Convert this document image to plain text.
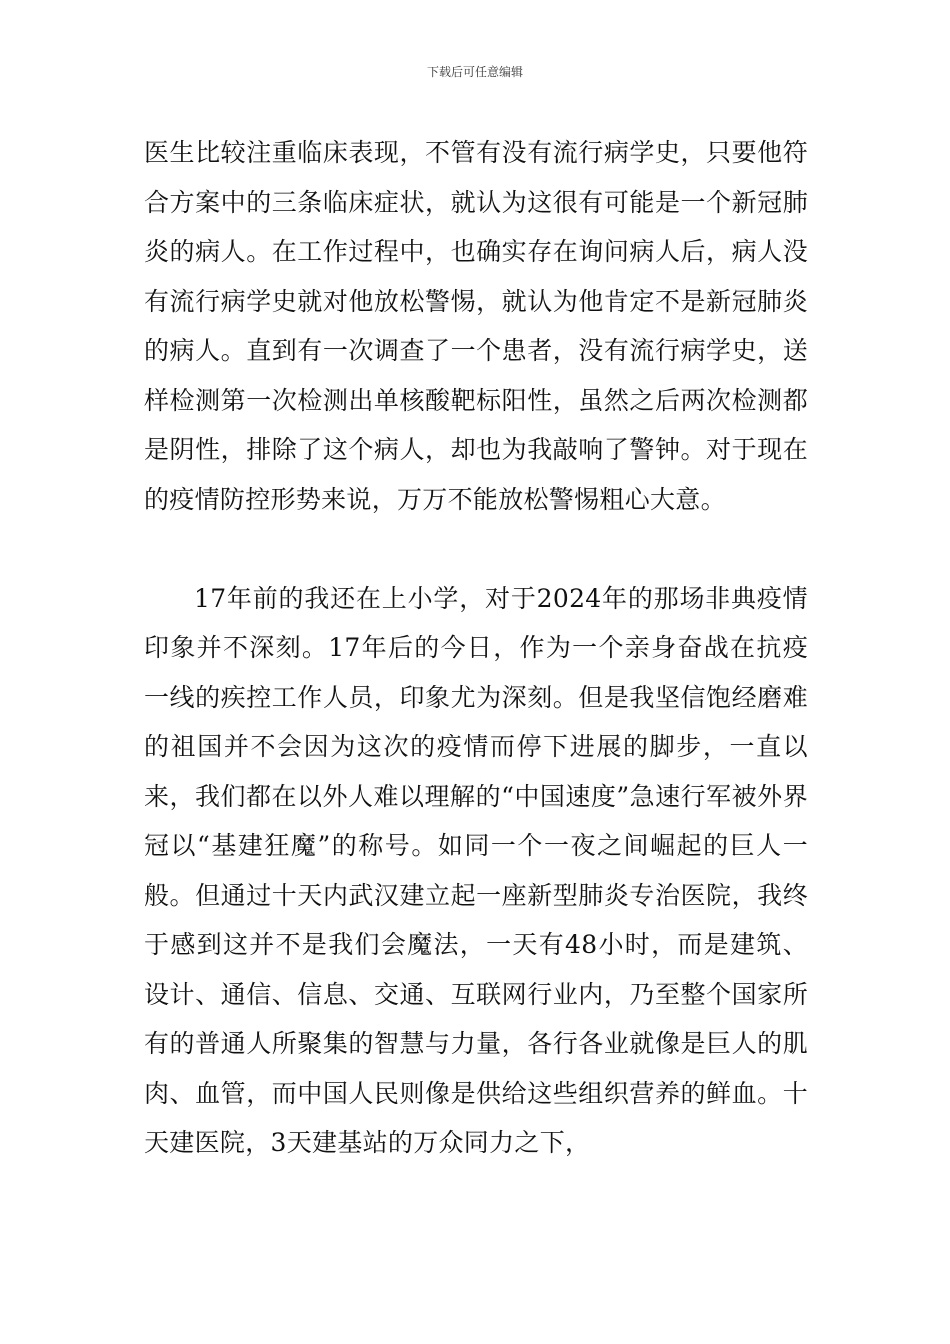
下载后可任意编辑

医生比较注重临床表现，不管有没有流行病学史，只要他符合方案中的三条临床症状，就认为这很有可能是一个新冠肺炎的病人。在工作过程中，也确实存在询问病人后，病人没有流行病学史就对他放松警惕，就认为他肯定不是新冠肺炎的病人。直到有一次调查了一个患者，没有流行病学史，送样检测第一次检测出单核酸靶标阳性，虽然之后两次检测都是阴性，排除了这个病人，却也为我敲响了警钟。对于现在的疫情防控形势来说，万万不能放松警惕粗心大意。

17年前的我还在上小学，对于2024年的那场非典疫情印象并不深刻。17年后的今日，作为一个亲身奋战在抗疫一线的疾控工作人员，印象尤为深刻。但是我坚信饱经磨难的祖国并不会因为这次的疫情而停下进展的脚步，一直以来，我们都在以外人难以理解的“中国速度”急速行军被外界冠以“基建狂魔”的称号。如同一个一夜之间崛起的巨人一般。但通过十天内武汉建立起一座新型肺炎专治医院，我终于感到这并不是我们会魔法，一天有48小时，而是建筑、设计、通信、信息、交通、互联网行业内，乃至整个国家所有的普通人所聚集的智慧与力量，各行各业就像是巨人的肌肉、血管，而中国人民则像是供给这些组织营养的鲜血。十天建医院，3天建基站的万众同力之下，
